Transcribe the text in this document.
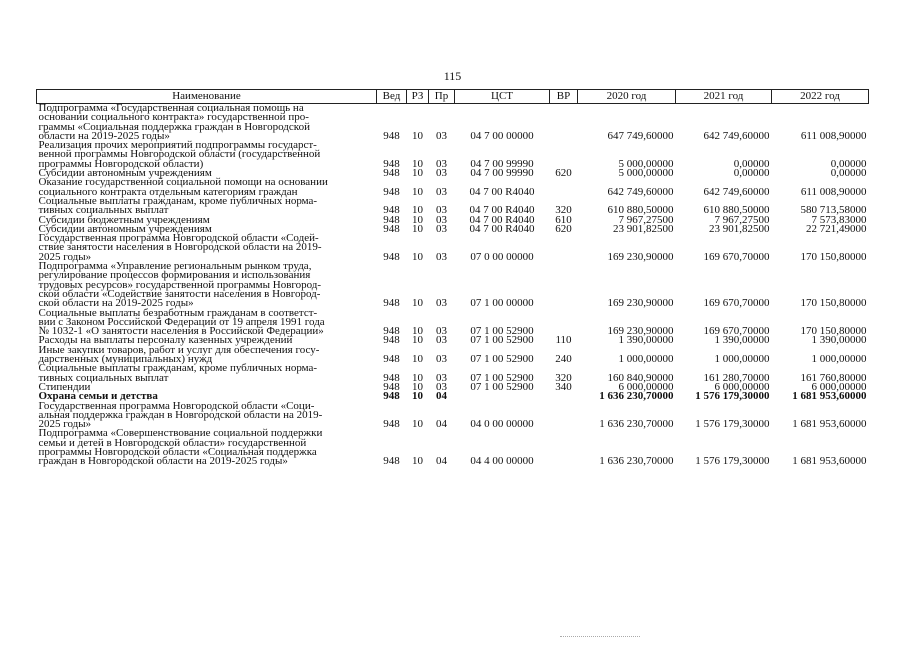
115
Наименование	Вед	РЗ	Пр	ЦСТ	ВР	2020 год	2021 год	2022 год

Подпрограмма «Государственная социальная помощь на
основании социального контракта» государственной про-
граммы «Социальная поддержка граждан в Новгородской
области на 2019-2025 годы»	948	10	03	04 7 00 00000		647 749,60000	642 749,60000	611 008,90000

Реализация прочих мероприятий подпрограммы государст-
венной программы Новгородской области (государственной
программы Новгородской области)	948	10	03	04 7 00 99990		5 000,00000	0,00000	0,00000

Субсидии автономным учреждениям	948	10	03	04 7 00 99990	620	5 000,00000	0,00000	0,00000

Оказание государственной социальной помощи на основании
социального контракта отдельным категориям граждан	948	10	03	04 7 00 R4040		642 749,60000	642 749,60000	611 008,90000

Социальные выплаты гражданам, кроме публичных норма-
тивных социальных выплат	948	10	03	04 7 00 R4040	320	610 880,50000	610 880,50000	580 713,58000

Субсидии бюджетным учреждениям	948	10	03	04 7 00 R4040	610	7 967,27500	7 967,27500	7 573,83000

Субсидии автономным учреждениям	948	10	03	04 7 00 R4040	620	23 901,82500	23 901,82500	22 721,49000

Государственная программа Новгородской области «Содей-
ствие занятости населения в Новгородской области на 2019-
2025 годы»	948	10	03	07 0 00 00000		169 230,90000	169 670,70000	170 150,80000

Подпрограмма «Управление региональным рынком труда,
регулирование процессов формирования и использования
трудовых ресурсов» государственной программы Новгород-
ской области «Содействие занятости населения в Новгород-
ской области на 2019-2025 годы»	948	10	03	07 1 00 00000		169 230,90000	169 670,70000	170 150,80000

Социальные выплаты безработным гражданам в соответст-
вии с Законом Российской Федерации от 19 апреля 1991 года
№ 1032-1 «О занятости населения в Российской Федерации»	948	10	03	07 1 00 52900		169 230,90000	169 670,70000	170 150,80000

Расходы на выплаты персоналу казенных учреждений	948	10	03	07 1 00 52900	110	1 390,00000	1 390,00000	1 390,00000

Иные закупки товаров, работ и услуг для обеспечения госу-
дарственных (муниципальных) нужд	948	10	03	07 1 00 52900	240	1 000,00000	1 000,00000	1 000,00000

Социальные выплаты гражданам, кроме публичных норма-
тивных социальных выплат	948	10	03	07 1 00 52900	320	160 840,90000	161 280,70000	161 760,80000

Стипендии	948	10	03	07 1 00 52900	340	6 000,00000	6 000,00000	6 000,00000

Охрана семьи и детства	948	10	04			1 636 230,70000	1 576 179,30000	1 681 953,60000

Государственная программа Новгородской области «Соци-
альная поддержка граждан в Новгородской области на 2019-
2025 годы»	948	10	04	04 0 00 00000		1 636 230,70000	1 576 179,30000	1 681 953,60000

Подпрограмма «Совершенствование социальной поддержки
семьи и детей в Новгородской области» государственной
программы Новгородской области «Социальная поддержка
граждан в Новгородской области на 2019-2025 годы»	948	10	04	04 4 00 00000		1 636 230,70000	1 576 179,30000	1 681 953,60000
